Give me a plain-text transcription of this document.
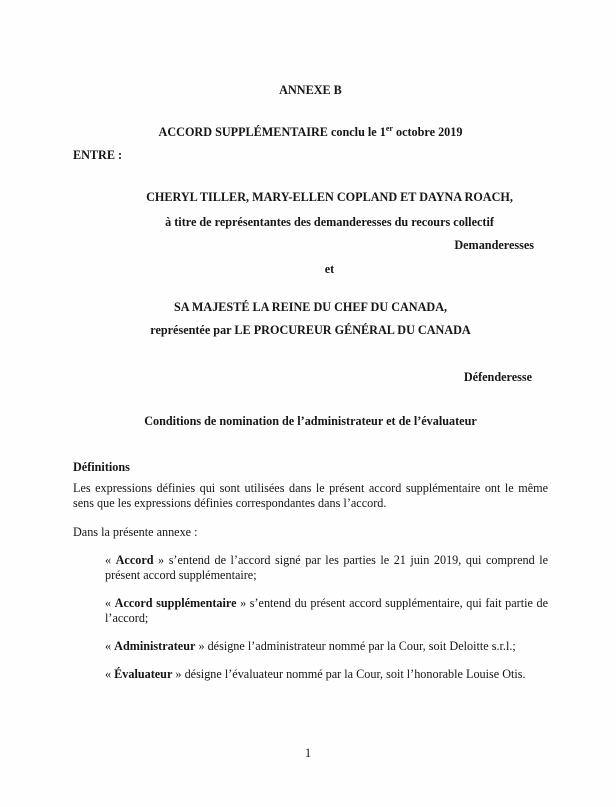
ANNEXE B
ACCORD SUPPLÉMENTAIRE conclu le 1er octobre 2019

ENTRE :

CHERYL TILLER, MARY-ELLEN COPLAND ET DAYNA ROACH,

à titre de représentantes des demanderesses du recours collectif

Demanderesses

et

SA MAJESTÉ LA REINE DU CHEF DU CANADA,

représentée par LE PROCUREUR GÉNÉRAL DU CANADA

Défenderesse

Conditions de nomination de l’administrateur et de l’évaluateur
Définitions

Les expressions définies qui sont utilisées dans le présent accord supplémentaire ont le même sens que les expressions définies correspondantes dans l’accord.

Dans la présente annexe :

« Accord » s’entend de l’accord signé par les parties le 21 juin 2019, qui comprend le présent accord supplémentaire;

« Accord supplémentaire » s’entend du présent accord supplémentaire, qui fait partie de l’accord;

« Administrateur » désigne l’administrateur nommé par la Cour, soit Deloitte s.r.l.;

« Évaluateur » désigne l’évaluateur nommé par la Cour, soit l’honorable Louise Otis.

1
